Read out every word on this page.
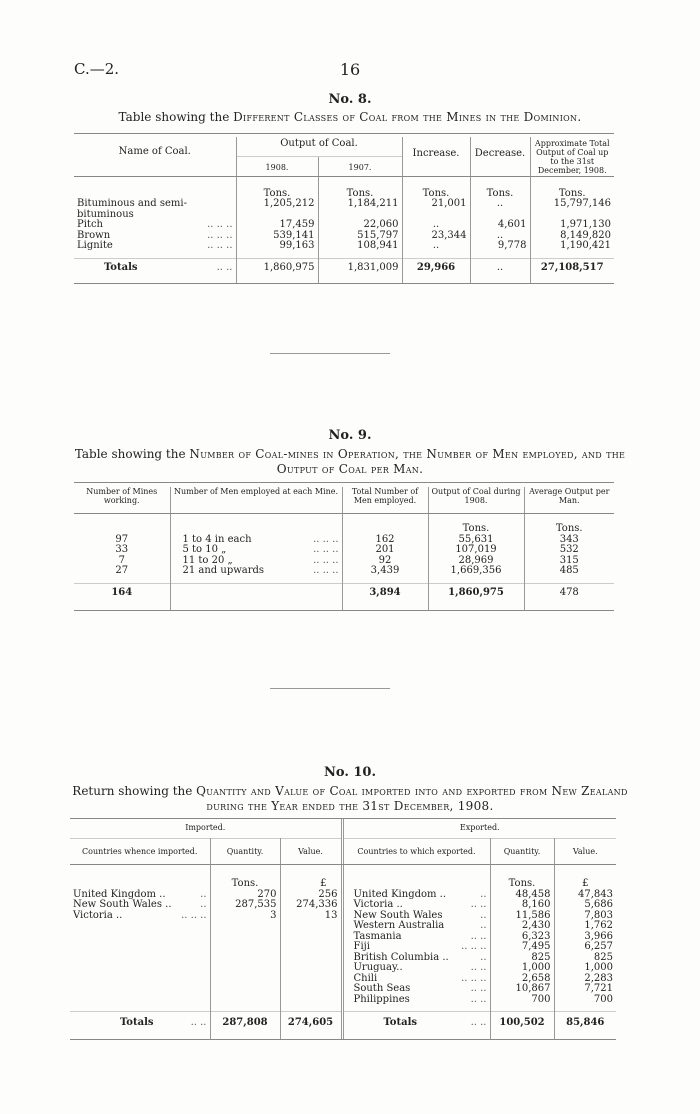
C.—2.	16
No. 8.
Table showing the Different Classes of Coal from the Mines in the Dominion.
Name of Coal.	Output of Coal.		Increase.	Decrease.	Approximate Total Output of Coal up to the 31st December, 1908.
	1908.	1907.			
	Tons.	Tons.	Tons.	Tons.	Tons.
Bituminous and semi-bituminous	1,205,212	1,184,211	21,001	..	15,797,146
Pitch .. .. ..	17,459	22,060	..	4,601	1,971,130
Brown .. .. ..	539,141	515,797	23,344	..	8,149,820
Lignite .. .. ..	99,163	108,941	..	9,778	1,190,421
Totals .. ..	1,860,975	1,831,009	29,966	..	27,108,517
No. 9.
Table showing the Number of Coal-mines in Operation, the Number of Men employed, and the Output of Coal per Man.
Number of Mines working.	Number of Men employed at each Mine.	Total Number of Men employed.	Output of Coal during 1908.	Average Output per Man.
			Tons.	Tons.
97	1 to 4 in each .. .. ..	162	55,631	343
33	5 to 10 „ .. .. ..	201	107,019	532
7	11 to 20 „ .. .. ..	92	28,969	315
27	21 and upwards .. .. ..	3,439	1,669,356	485
164		3,894	1,860,975	478
No. 10.
Return showing the Quantity and Value of Coal imported into and exported from New Zealand during the Year ended the 31st December, 1908.
Imported.			Exported.		
Countries whence imported.	Quantity.	Value.	Countries to which exported.	Quantity.	Value.
	Tons.	£		Tons.	£
United Kingdom .. ..	270	256	United Kingdom .. ..	48,458	47,843
New South Wales .. ..	287,535	274,336	Victoria .. .. ..	8,160	5,686
Victoria .. .. .. ..	3	13	New South Wales ..	11,586	7,803
			Western Australia ..	2,430	1,762
			Tasmania .. ..	6,323	3,966
			Fiji .. .. ..	7,495	6,257
			British Columbia .. ..	825	825
			Uruguay.. .. ..	1,000	1,000
			Chili .. .. ..	2,658	2,283
			South Seas .. ..	10,867	7,721
			Philippines .. ..	700	700
Totals .. ..	287,808	274,605	Totals .. ..	100,502	85,846
